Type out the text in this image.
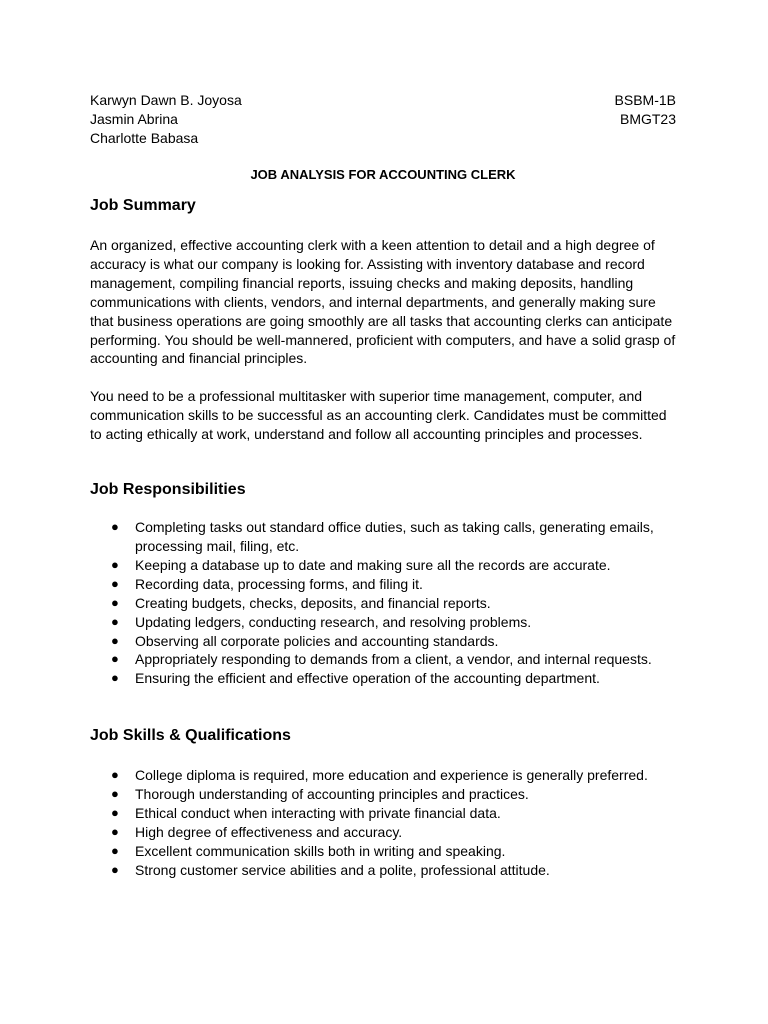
Karwyn Dawn B. Joyosa
Jasmin Abrina
Charlotte Babasa
BSBM-1B
BMGT23
JOB ANALYSIS FOR ACCOUNTING CLERK
Job Summary

An organized, effective accounting clerk with a keen attention to detail and a high degree of accuracy is what our company is looking for. Assisting with inventory database and record management, compiling financial reports, issuing checks and making deposits, handling communications with clients, vendors, and internal departments, and generally making sure that business operations are going smoothly are all tasks that accounting clerks can anticipate performing. You should be well-mannered, proficient with computers, and have a solid grasp of accounting and financial principles.

You need to be a professional multitasker with superior time management, computer, and communication skills to be successful as an accounting clerk. Candidates must be committed to acting ethically at work, understand and follow all accounting principles and processes.

Job Responsibilities
● Completing tasks out standard office duties, such as taking calls, generating emails, processing mail, filing, etc.
● Keeping a database up to date and making sure all the records are accurate.
● Recording data, processing forms, and filing it.
● Creating budgets, checks, deposits, and financial reports.
● Updating ledgers, conducting research, and resolving problems.
● Observing all corporate policies and accounting standards.
● Appropriately responding to demands from a client, a vendor, and internal requests.
● Ensuring the efficient and effective operation of the accounting department.
Job Skills & Qualifications
● College diploma is required, more education and experience is generally preferred.
● Thorough understanding of accounting principles and practices.
● Ethical conduct when interacting with private financial data.
● High degree of effectiveness and accuracy.
● Excellent communication skills both in writing and speaking.
● Strong customer service abilities and a polite, professional attitude.
